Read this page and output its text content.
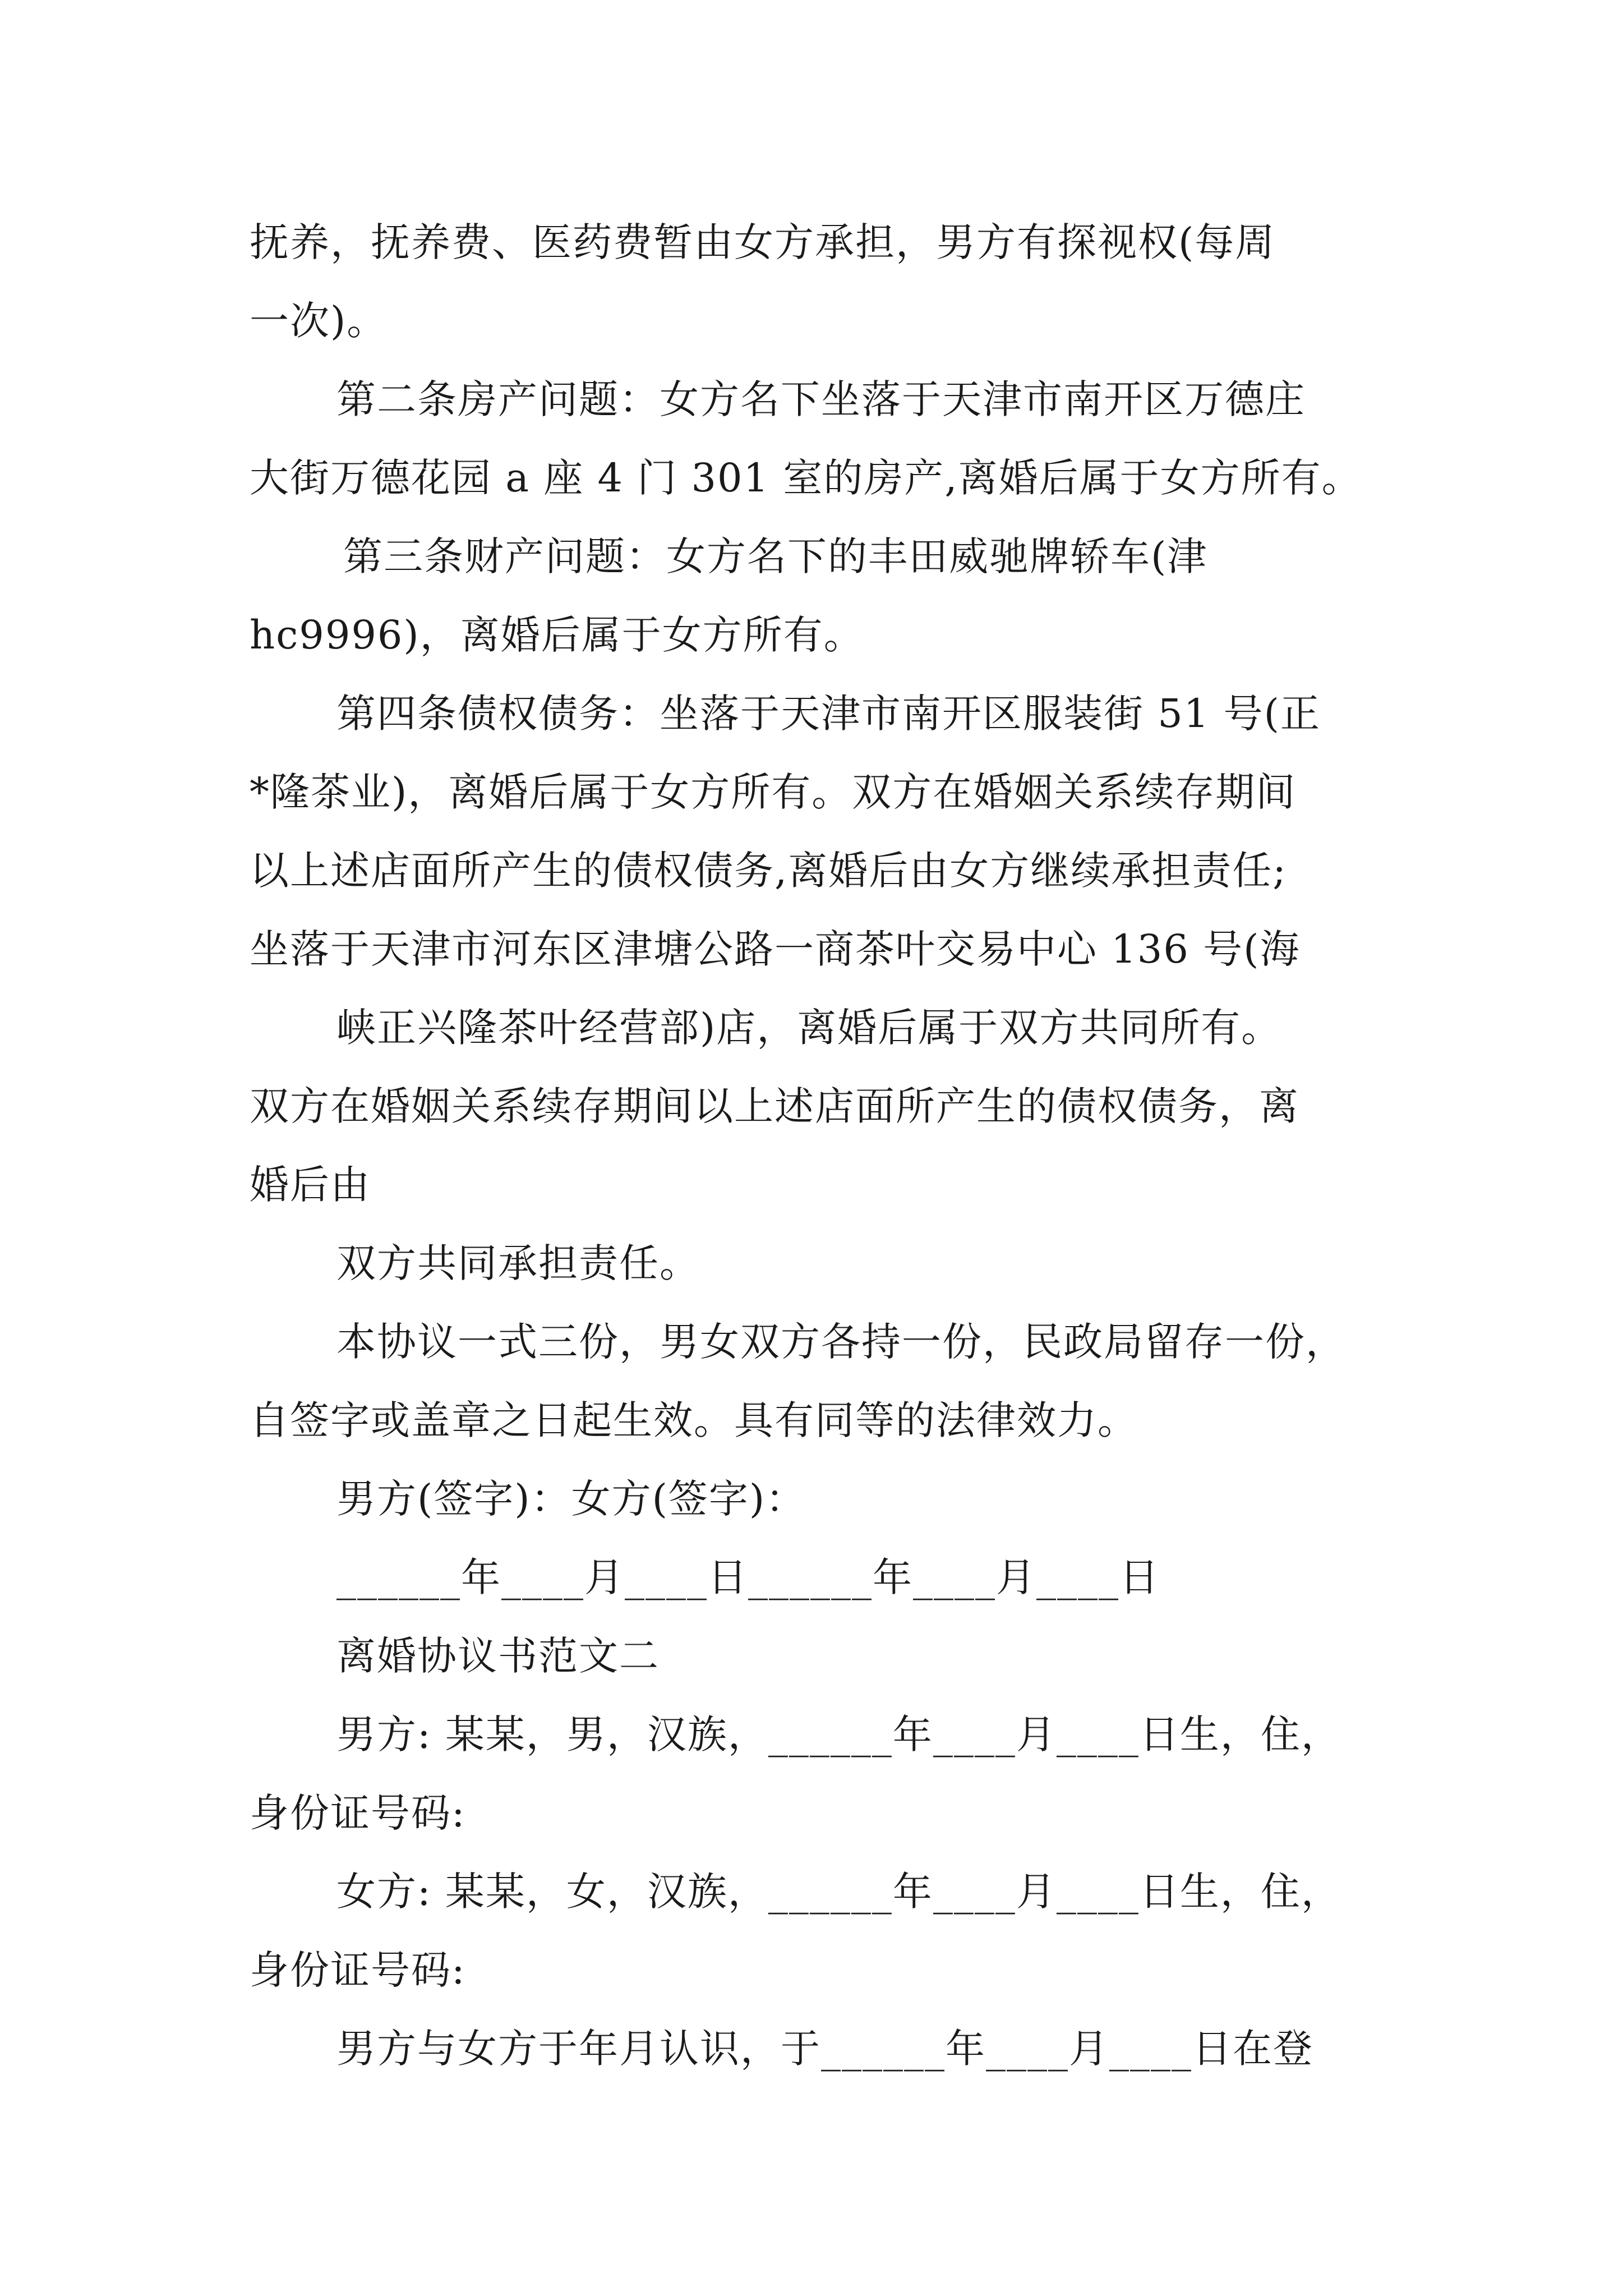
抚养，抚养费、医药费暂由女方承担，男方有探视权(每周
一次)。
第二条房产问题：女方名下坐落于天津市南开区万德庄
大街万德花园 a 座 4 门 301 室的房产,离婚后属于女方所有。
第三条财产问题：女方名下的丰田威驰牌轿车(津
hc9996)，离婚后属于女方所有。
第四条债权债务：坐落于天津市南开区服装街 51 号(正
*隆茶业)，离婚后属于女方所有。双方在婚姻关系续存期间
以上述店面所产生的债权债务,离婚后由女方继续承担责任;
坐落于天津市河东区津塘公路一商茶叶交易中心 136 号(海
峡正兴隆茶叶经营部)店，离婚后属于双方共同所有。
双方在婚姻关系续存期间以上述店面所产生的债权债务，离
婚后由
双方共同承担责任。
本协议一式三份，男女双方各持一份，民政局留存一份，
自签字或盖章之日起生效。具有同等的法律效力。
男方(签字)：女方(签字)：
______年____月____日______年____月____日
离婚协议书范文二
男方: 某某，男，汉族，______年____月____日生，住，
身份证号码:
女方: 某某，女，汉族，______年____月____日生，住，
身份证号码:
男方与女方于年月认识，于______年____月____日在登
